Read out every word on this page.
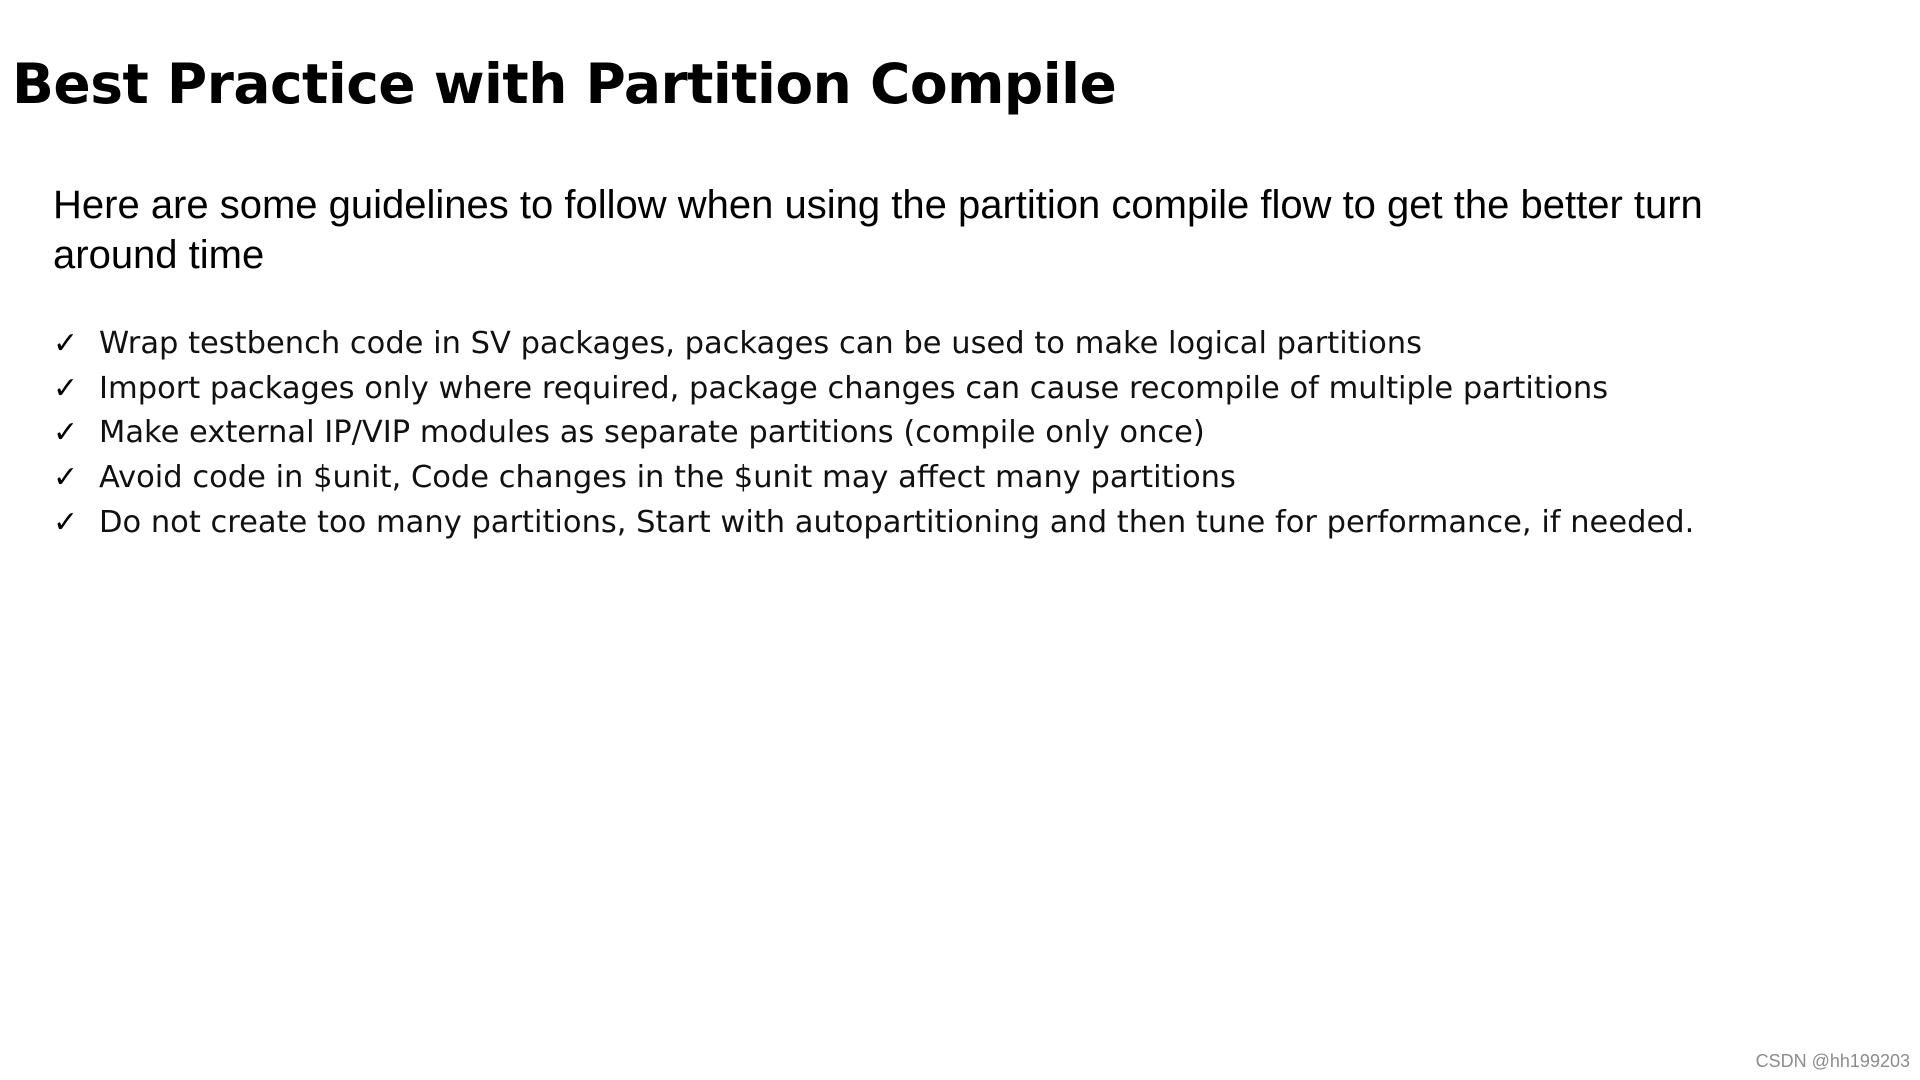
Best Practice with Partition Compile

Here are some guidelines to follow when using the partition compile flow to get the better turn around time

✓ Wrap testbench code in SV packages, packages can be used to make logical partitions
✓ Import packages only where required, package changes can cause recompile of multiple partitions
✓ Make external IP/VIP modules as separate partitions (compile only once)
✓ Avoid code in $unit, Code changes in the $unit may affect many partitions
✓ Do not create too many partitions, Start with autopartitioning and then tune for performance, if needed.
CSDN @hh199203
